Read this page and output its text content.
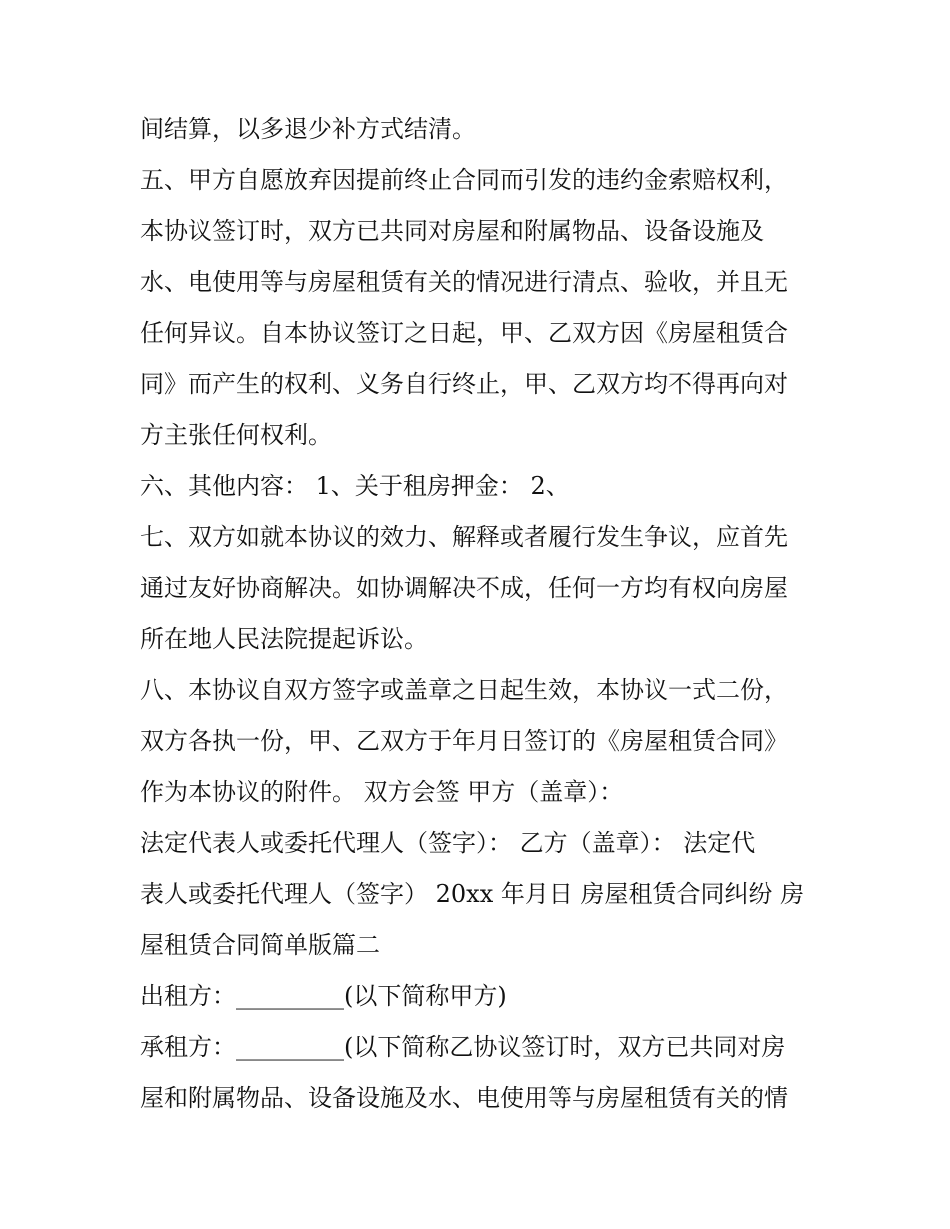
间结算，以多退少补方式结清。

五、甲方自愿放弃因提前终止合同而引发的违约金索赔权利，

本协议签订时，双方已共同对房屋和附属物品、设备设施及

水、电使用等与房屋租赁有关的情况进行清点、验收，并且无

任何异议。自本协议签订之日起，甲、乙双方因《房屋租赁合

同》而产生的权利、义务自行终止，甲、乙双方均不得再向对

方主张任何权利。

六、其他内容： 1、关于租房押金： 2、

七、双方如就本协议的效力、解释或者履行发生争议，应首先

通过友好协商解决。如协调解决不成，任何一方均有权向房屋

所在地人民法院提起诉讼。

八、本协议自双方签字或盖章之日起生效，本协议一式二份，

双方各执一份，甲、乙双方于年月日签订的《房屋租赁合同》

作为本协议的附件。 双方会签 甲方（盖章）：

法定代表人或委托代理人（签字）： 乙方（盖章）： 法定代

表人或委托代理人（签字） 20xx 年月日 房屋租赁合同纠纷 房

屋租赁合同简单版篇二

出租方：_________(以下简称甲方)

承租方：_________(以下简称乙协议签订时，双方已共同对房

屋和附属物品、设备设施及水、电使用等与房屋租赁有关的情
